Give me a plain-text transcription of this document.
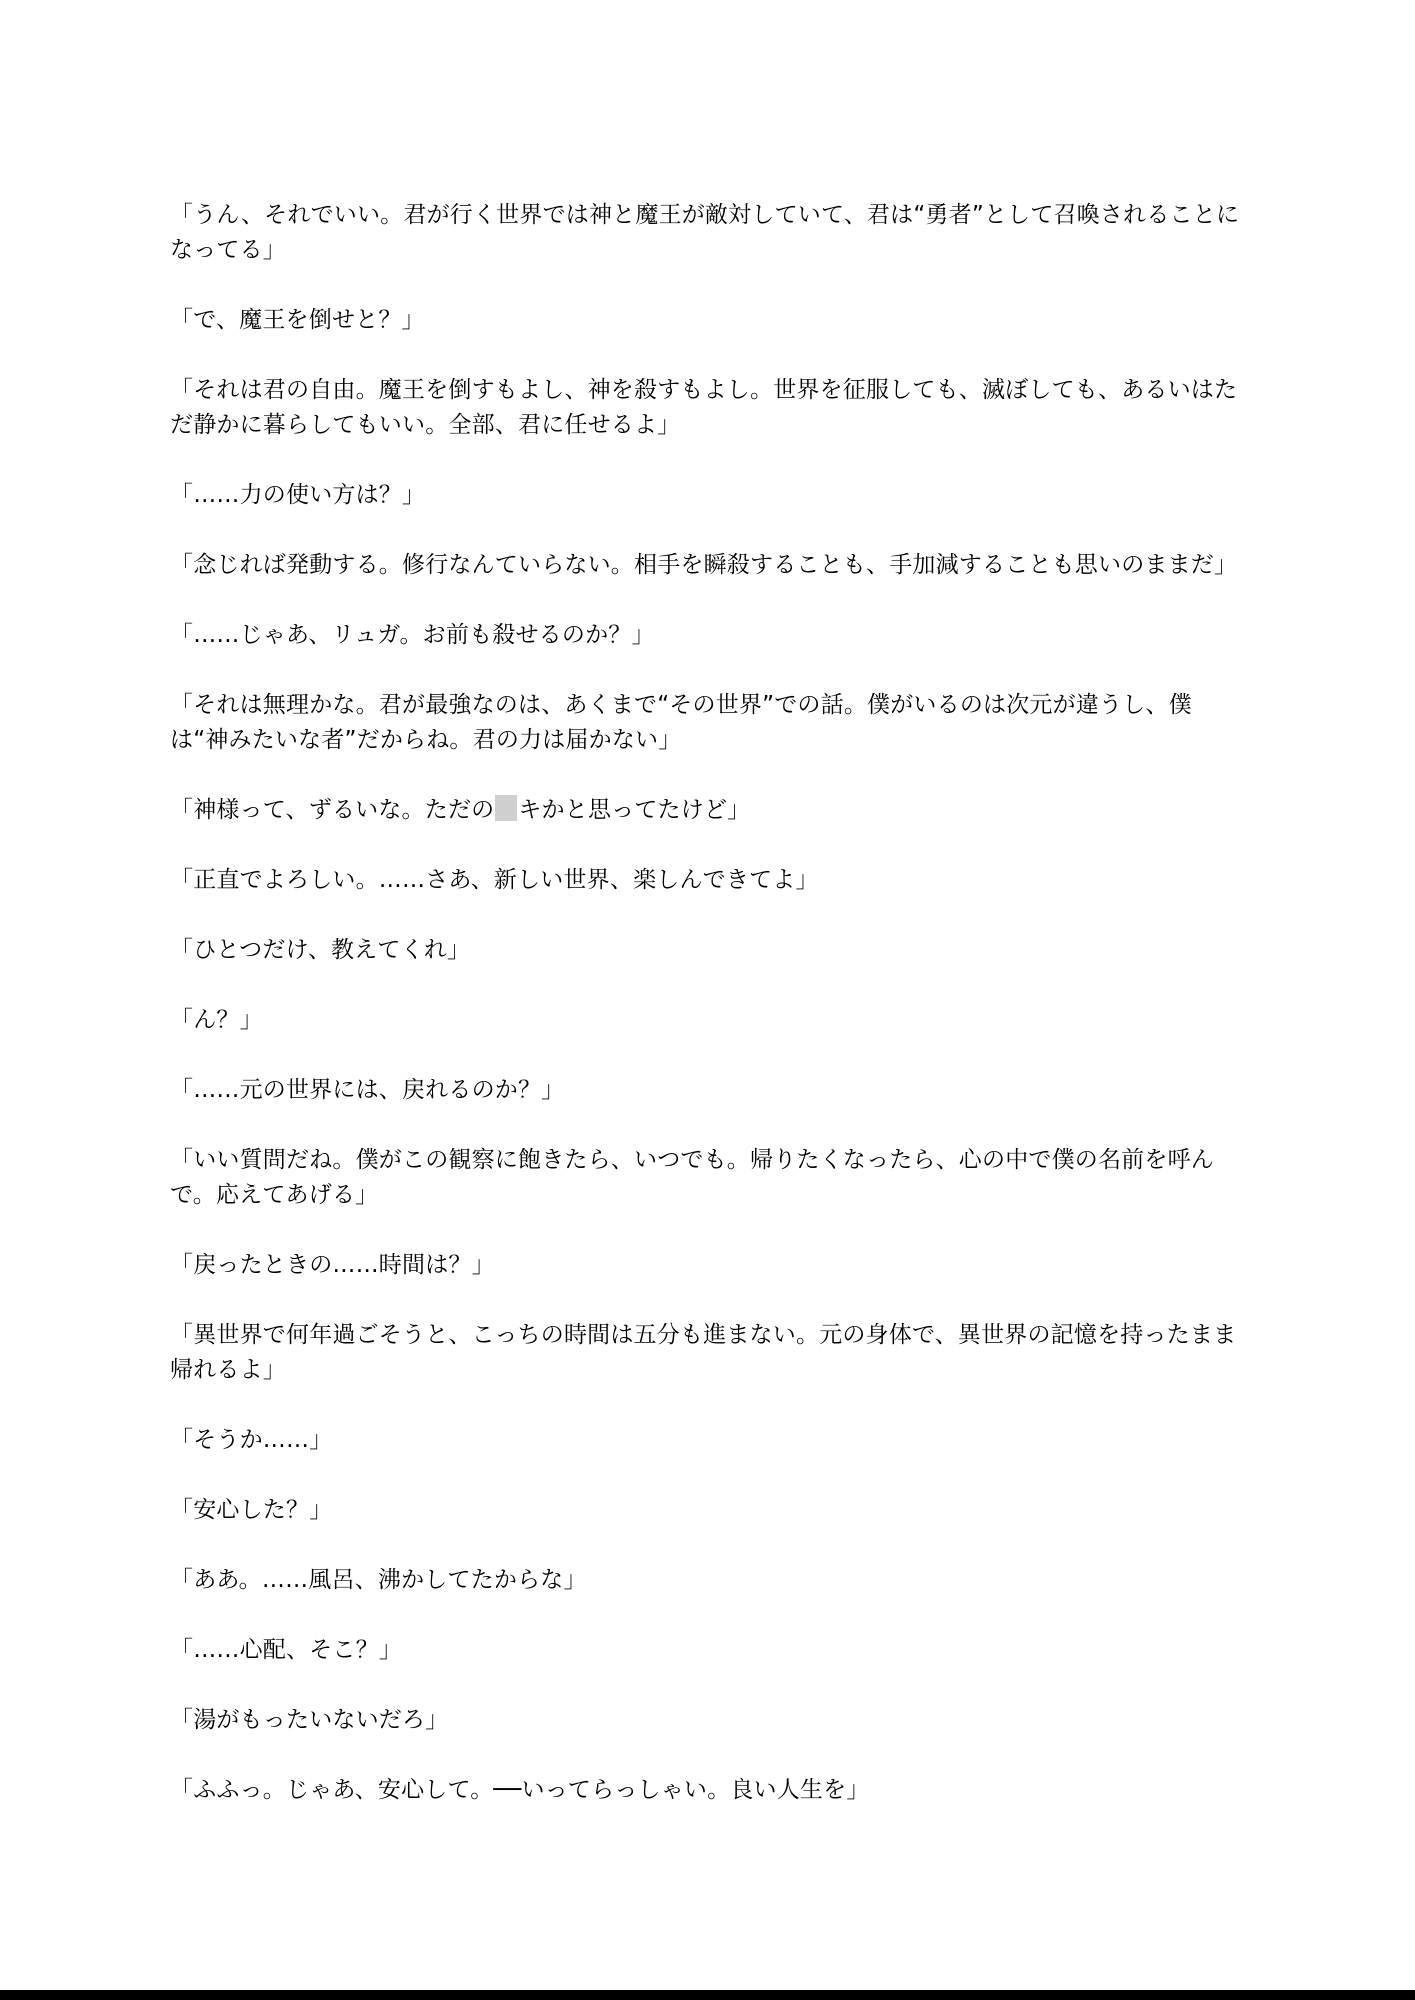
「うん、それでいい。君が行く世界では神と魔王が敵対していて、君は“勇者”として召喚されることになってる」

「で、魔王を倒せと？」

「それは君の自由。魔王を倒すもよし、神を殺すもよし。世界を征服しても、滅ぼしても、あるいはただ静かに暮らしてもいい。全部、君に任せるよ」

「……力の使い方は？」

「念じれば発動する。修行なんていらない。相手を瞬殺することも、手加減することも思いのままだ」

「……じゃあ、リュガ。お前も殺せるのか？」

「それは無理かな。君が最強なのは、あくまで“その世界”での話。僕がいるのは次元が違うし、僕は“神みたいな者”だからね。君の力は届かない」

「神様って、ずるいな。ただの キかと思ってたけど」

「正直でよろしい。……さあ、新しい世界、楽しんできてよ」

「ひとつだけ、教えてくれ」

「ん？」

「……元の世界には、戻れるのか？」

「いい質問だね。僕がこの観察に飽きたら、いつでも。帰りたくなったら、心の中で僕の名前を呼んで。応えてあげる」

「戻ったときの……時間は？」

「異世界で何年過ごそうと、こっちの時間は五分も進まない。元の身体で、異世界の記憶を持ったまま帰れるよ」

「そうか……」

「安心した？」

「ああ。……風呂、沸かしてたからな」

「……心配、そこ？」

「湯がもったいないだろ」

「ふふっ。じゃあ、安心して。──いってらっしゃい。良い人生を」
